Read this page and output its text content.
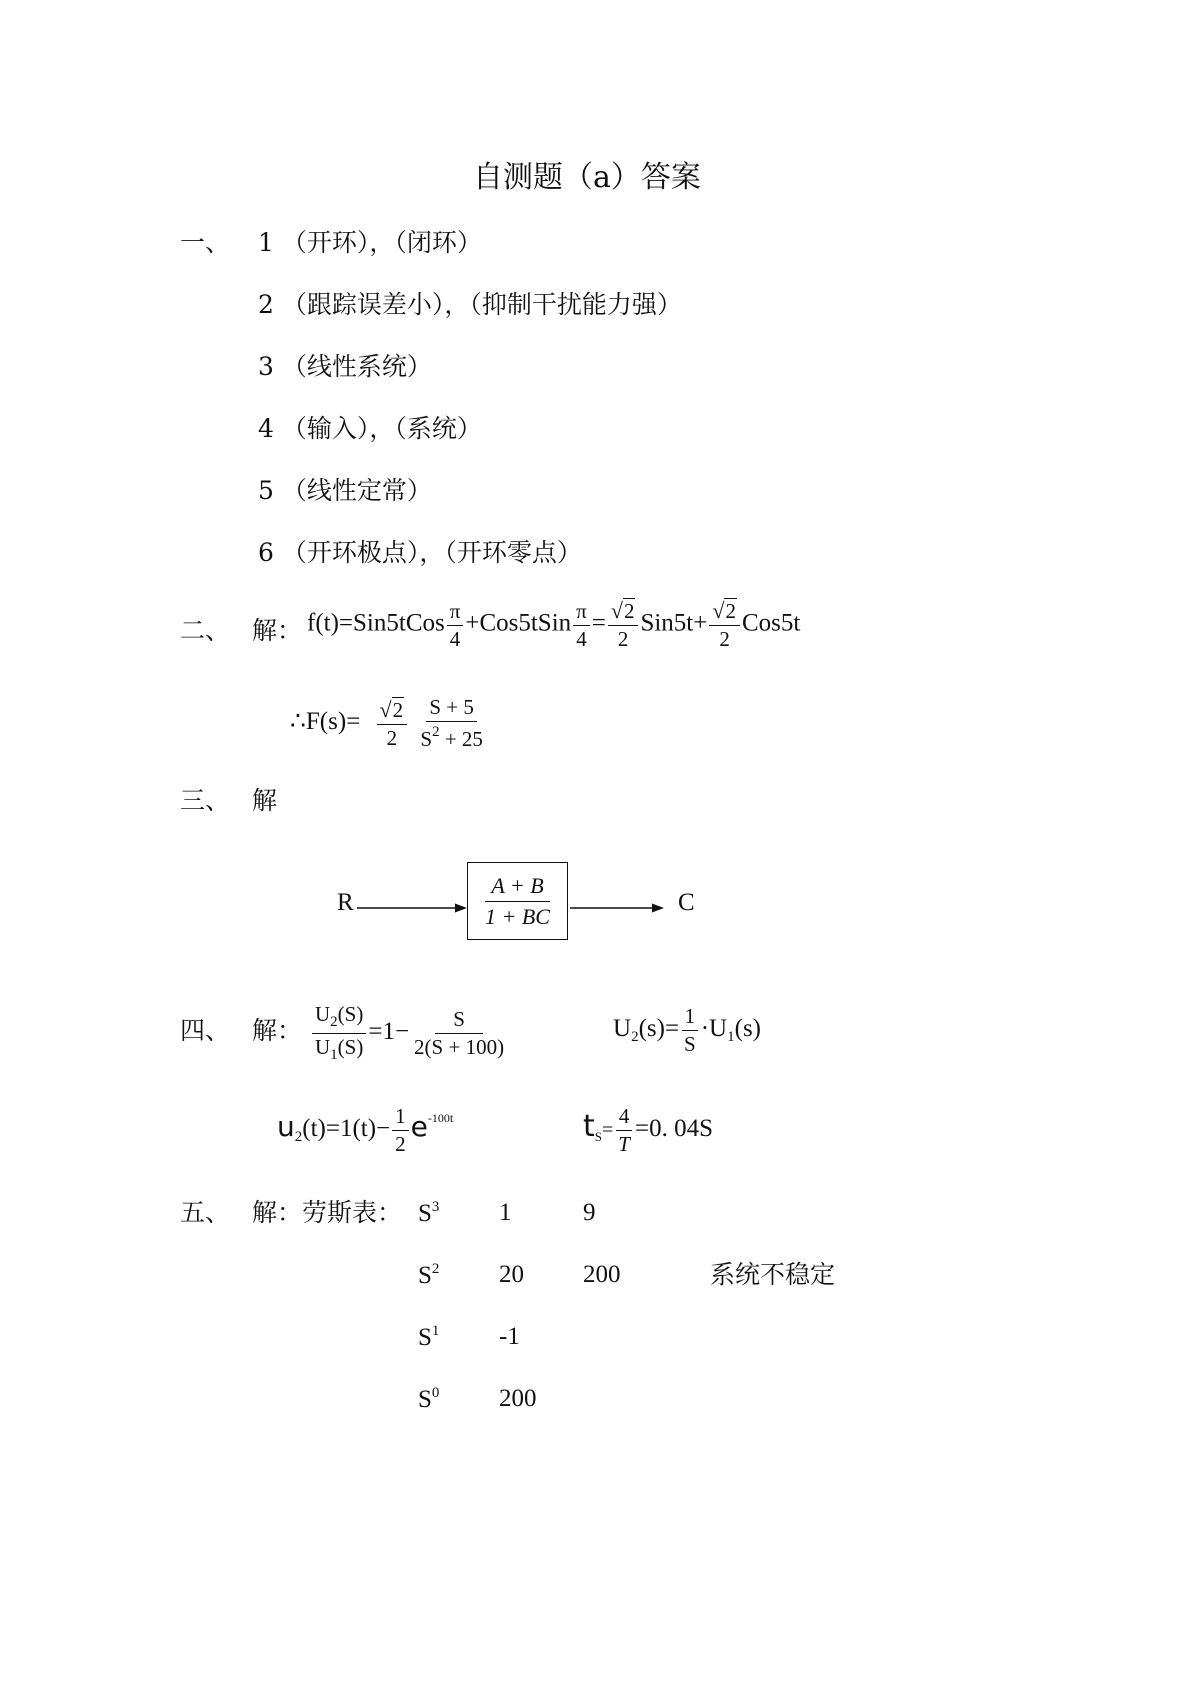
自测题（a）答案
一、 1 （开环），（闭环）
2 （跟踪误差小），（抑制干扰能力强）
3 （线性系统）
4 （输入），（系统）
5 （线性定常）
6 （开环极点），（开环零点）
二、 解： f(t)=Sin5tCos $\frac{\pi}{4}$ +Cos5tSin $\frac{\pi}{4} = \frac{√2}{2} Sin5t+ \frac{√2}{2} Cos5t$
∴F(s)= $\frac{√2}{2}$
$\frac{S + 5}{S^2 + 25}$
三、 解
R	$\frac{A + B}{1 + BC}$	C
四、 解： $\frac{U_2(S)}{U_1(S)} =1- \frac{S}{2(S + 100)}$	$U_2(s)= \frac{1}{S} \cdot U_1(s)$
$u_2(t)=1(t)- \frac{1}{2} e^{-100t}$	$t_S= \frac{4}{T} =0$. 04S
五、 解：劳斯表： $S^3$ 1	9
$S^2$ 20 200	系统不稳定
$S^1$ -1
$S^0$ 200
